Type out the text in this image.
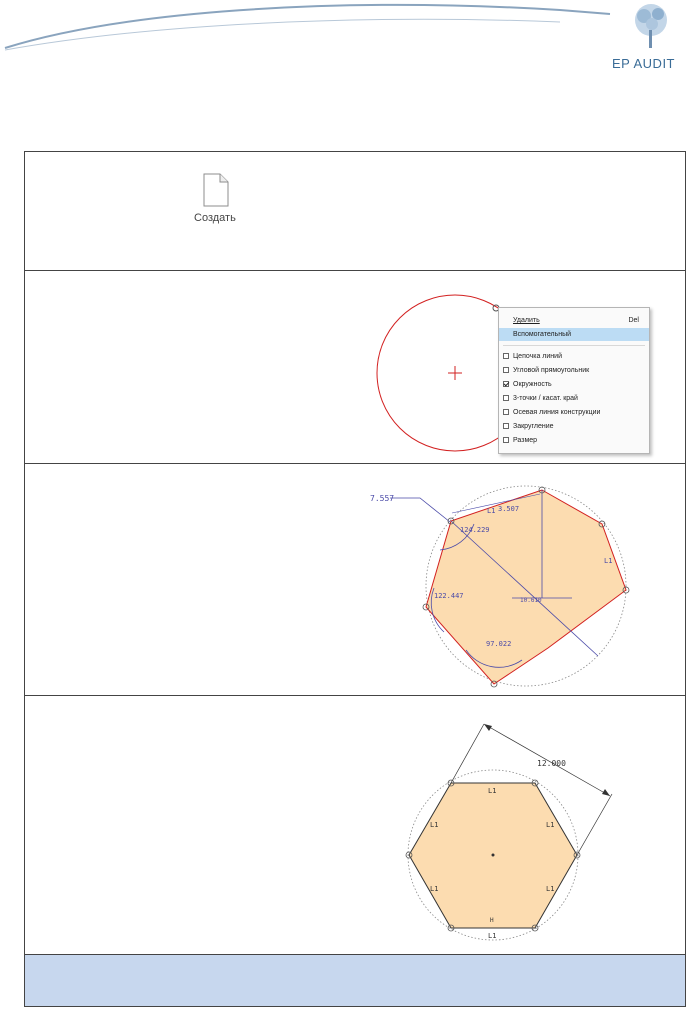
EP AUDIT
Создать
Удалить	Del
Вспомогательный
Цепочка линий
Угловой прямоугольник
Окружность
3-точки / касат. край
Осевая линия конструкции
Закругление
Размер
7.557
3.507
124.229
122.447
97.022
10.610
L1
L1
12.000
L1
L1	L1
L1	L1
H
L1
